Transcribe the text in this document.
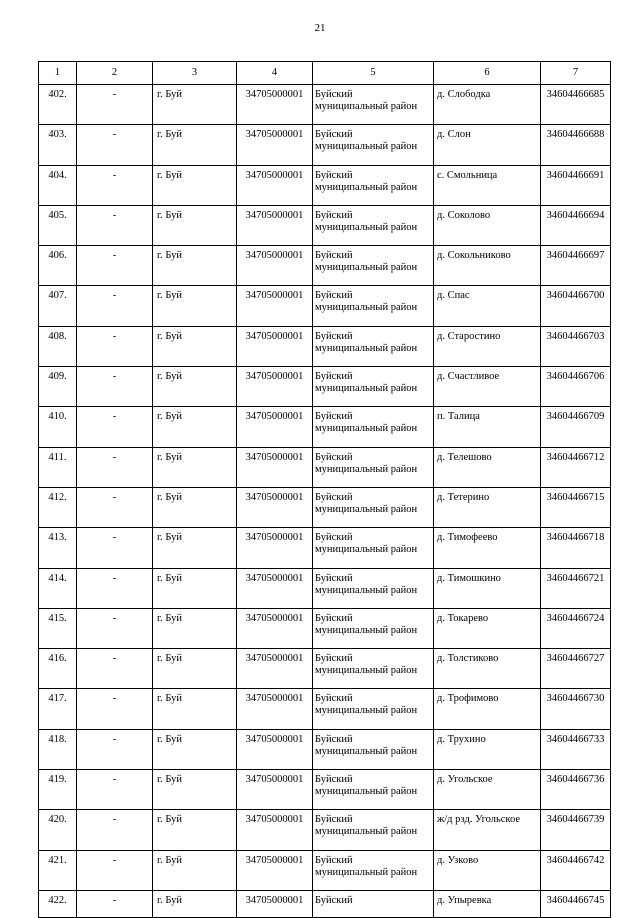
21
1	2	3	4	5	6	7

402.	-	г. Буй	34705000001	Буйский
муниципальный район	д. Слободка	34604466685

403.	-	г. Буй	34705000001	Буйский
муниципальный район	д. Слон	34604466688

404.	-	г. Буй	34705000001	Буйский
муниципальный район	с. Смольница	34604466691

405.	-	г. Буй	34705000001	Буйский
муниципальный район	д. Соколово	34604466694

406.	-	г. Буй	34705000001	Буйский
муниципальный район	д. Сокольниково	34604466697

407.	-	г. Буй	34705000001	Буйский
муниципальный район	д. Спас	34604466700

408.	-	г. Буй	34705000001	Буйский
муниципальный район	д. Старостино	34604466703

409.	-	г. Буй	34705000001	Буйский
муниципальный район	д. Счастливое	34604466706

410.	-	г. Буй	34705000001	Буйский
муниципальный район	п. Талица	34604466709

411.	-	г. Буй	34705000001	Буйский
муниципальный район	д. Телешово	34604466712

412.	-	г. Буй	34705000001	Буйский
муниципальный район	д. Тетерино	34604466715

413.	-	г. Буй	34705000001	Буйский
муниципальный район	д. Тимофеево	34604466718

414.	-	г. Буй	34705000001	Буйский
муниципальный район	д. Тимошкино	34604466721

415.	-	г. Буй	34705000001	Буйский
муниципальный район	д. Токарево	34604466724

416.	-	г. Буй	34705000001	Буйский
муниципальный район	д. Толстиково	34604466727

417.	-	г. Буй	34705000001	Буйский
муниципальный район	д. Трофимово	34604466730

418.	-	г. Буй	34705000001	Буйский
муниципальный район	д. Трухино	34604466733

419.	-	г. Буй	34705000001	Буйский
муниципальный район	д. Угольское	34604466736

420.	-	г. Буй	34705000001	Буйский
муниципальный район	ж/д рзд. Угольское	34604466739

421.	-	г. Буй	34705000001	Буйский
муниципальный район	д. Узково	34604466742

422.	-	г. Буй	34705000001	Буйский	д. Упыревка	34604466745
